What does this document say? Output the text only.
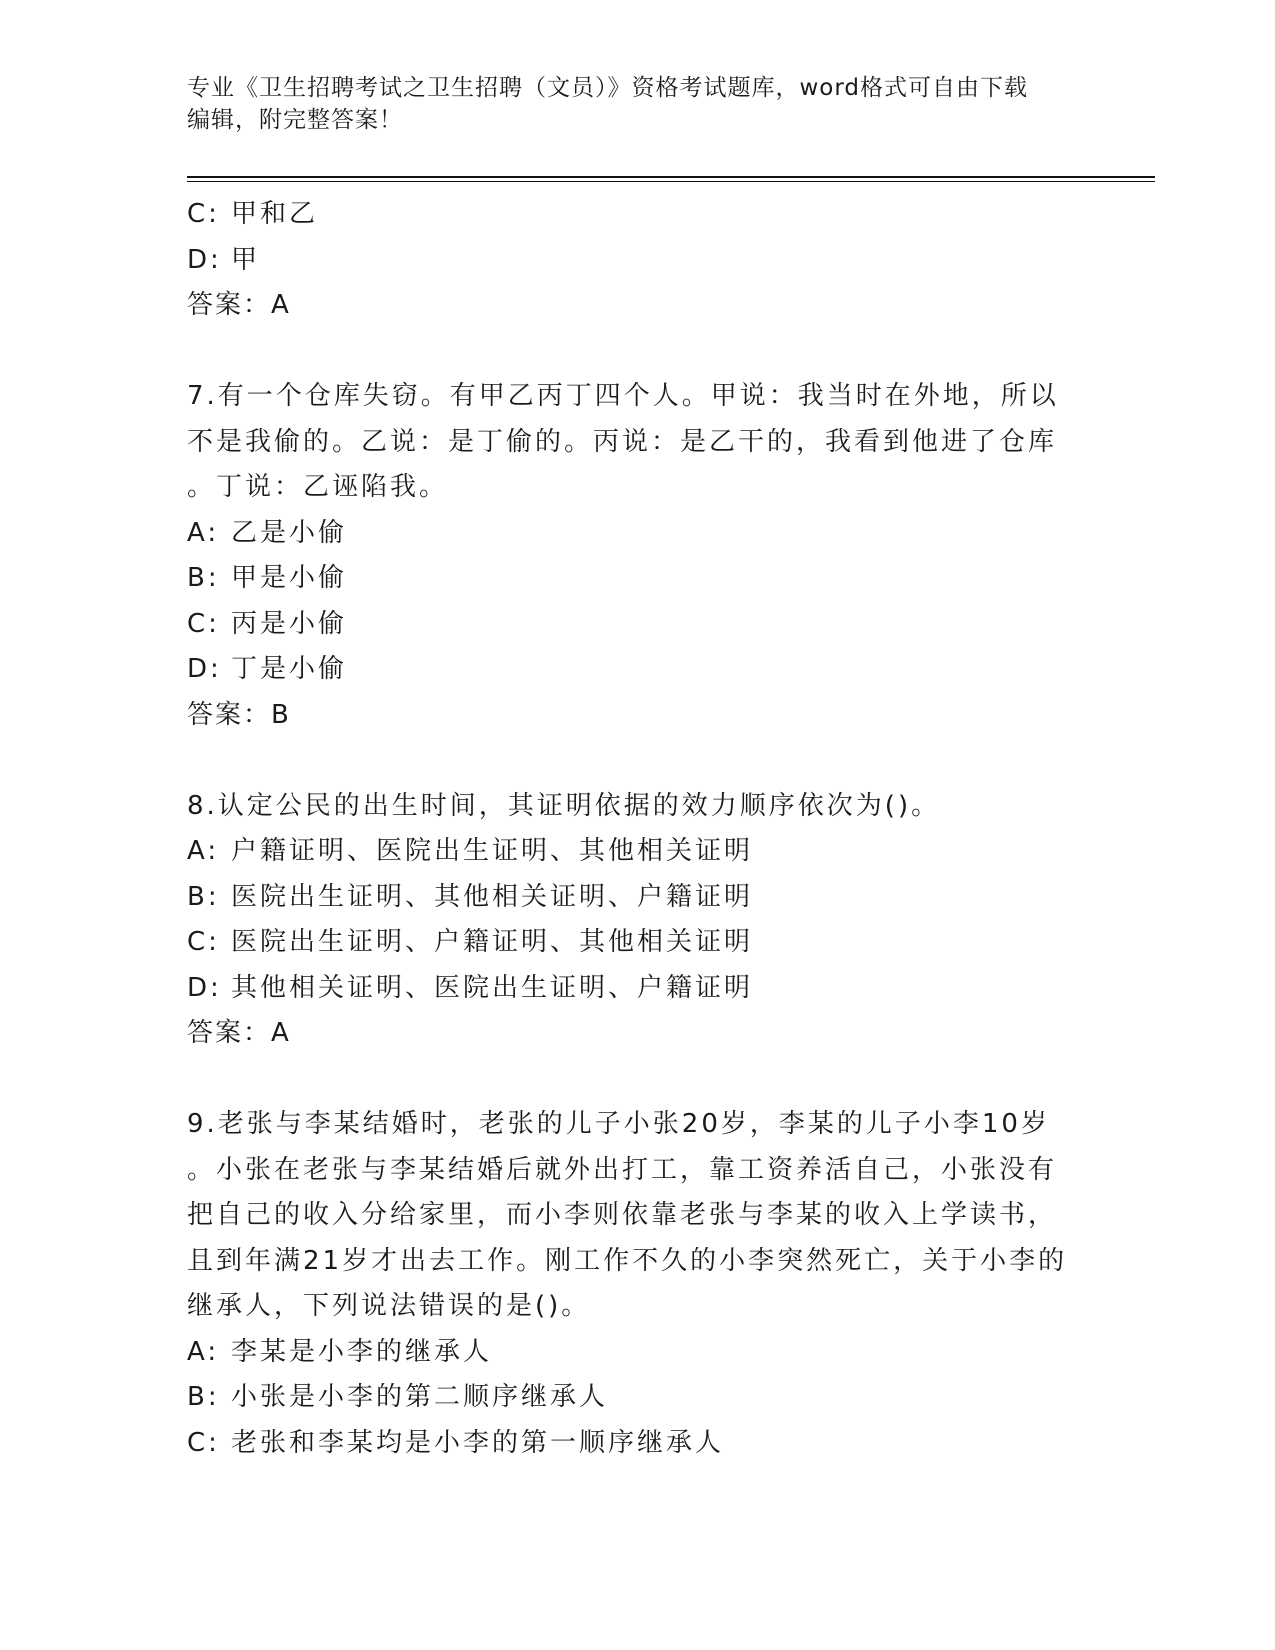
专业《卫生招聘考试之卫生招聘（文员）》资格考试题库，word格式可自由下载
编辑，附完整答案！
C: 甲和乙
D: 甲
答案：A
7.有一个仓库失窃。有甲乙丙丁四个人。甲说：我当时在外地，所以
不是我偷的。乙说：是丁偷的。丙说：是乙干的，我看到他进了仓库
。丁说：乙诬陷我。
A: 乙是小偷
B: 甲是小偷
C: 丙是小偷
D: 丁是小偷
答案：B
8.认定公民的出生时间，其证明依据的效力顺序依次为()。
A: 户籍证明、医院出生证明、其他相关证明
B: 医院出生证明、其他相关证明、户籍证明
C: 医院出生证明、户籍证明、其他相关证明
D: 其他相关证明、医院出生证明、户籍证明
答案：A
9.老张与李某结婚时，老张的儿子小张20岁，李某的儿子小李10岁
。小张在老张与李某结婚后就外出打工，靠工资养活自己，小张没有
把自己的收入分给家里，而小李则依靠老张与李某的收入上学读书，
且到年满21岁才出去工作。刚工作不久的小李突然死亡，关于小李的
继承人，下列说法错误的是()。
A: 李某是小李的继承人
B: 小张是小李的第二顺序继承人
C: 老张和李某均是小李的第一顺序继承人
